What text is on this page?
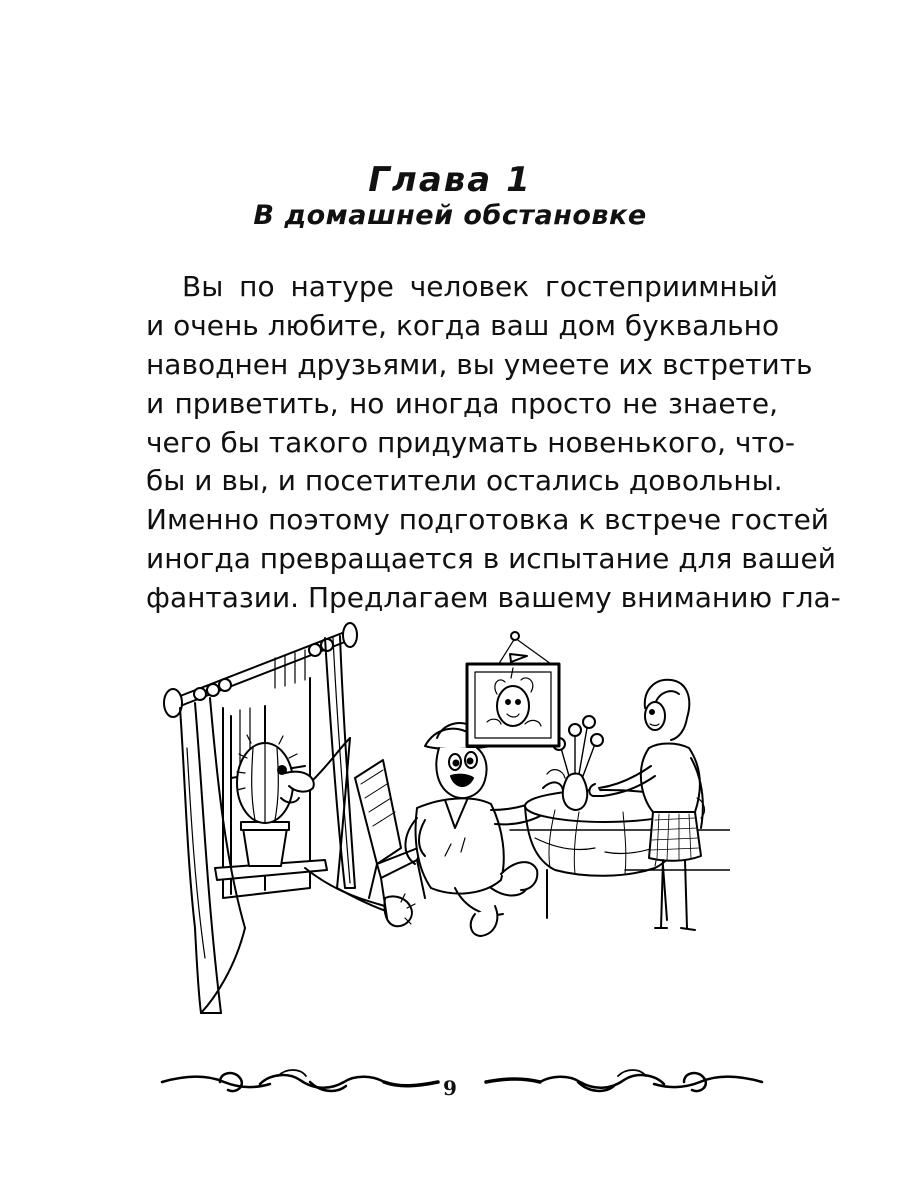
Глава 1
В домашней обстановке
Вы по натуре человек гостеприимный
и очень любите, когда ваш дом буквально
наводнен друзьями, вы умеете их встретить
и приветить, но иногда просто не знаете,
чего бы такого придумать новенького, что-
бы и вы, и посетители остались довольны.
Именно поэтому подготовка к встрече гостей
иногда превращается в испытание для вашей
фантазии. Предлагаем вашему вниманию гла-
9
